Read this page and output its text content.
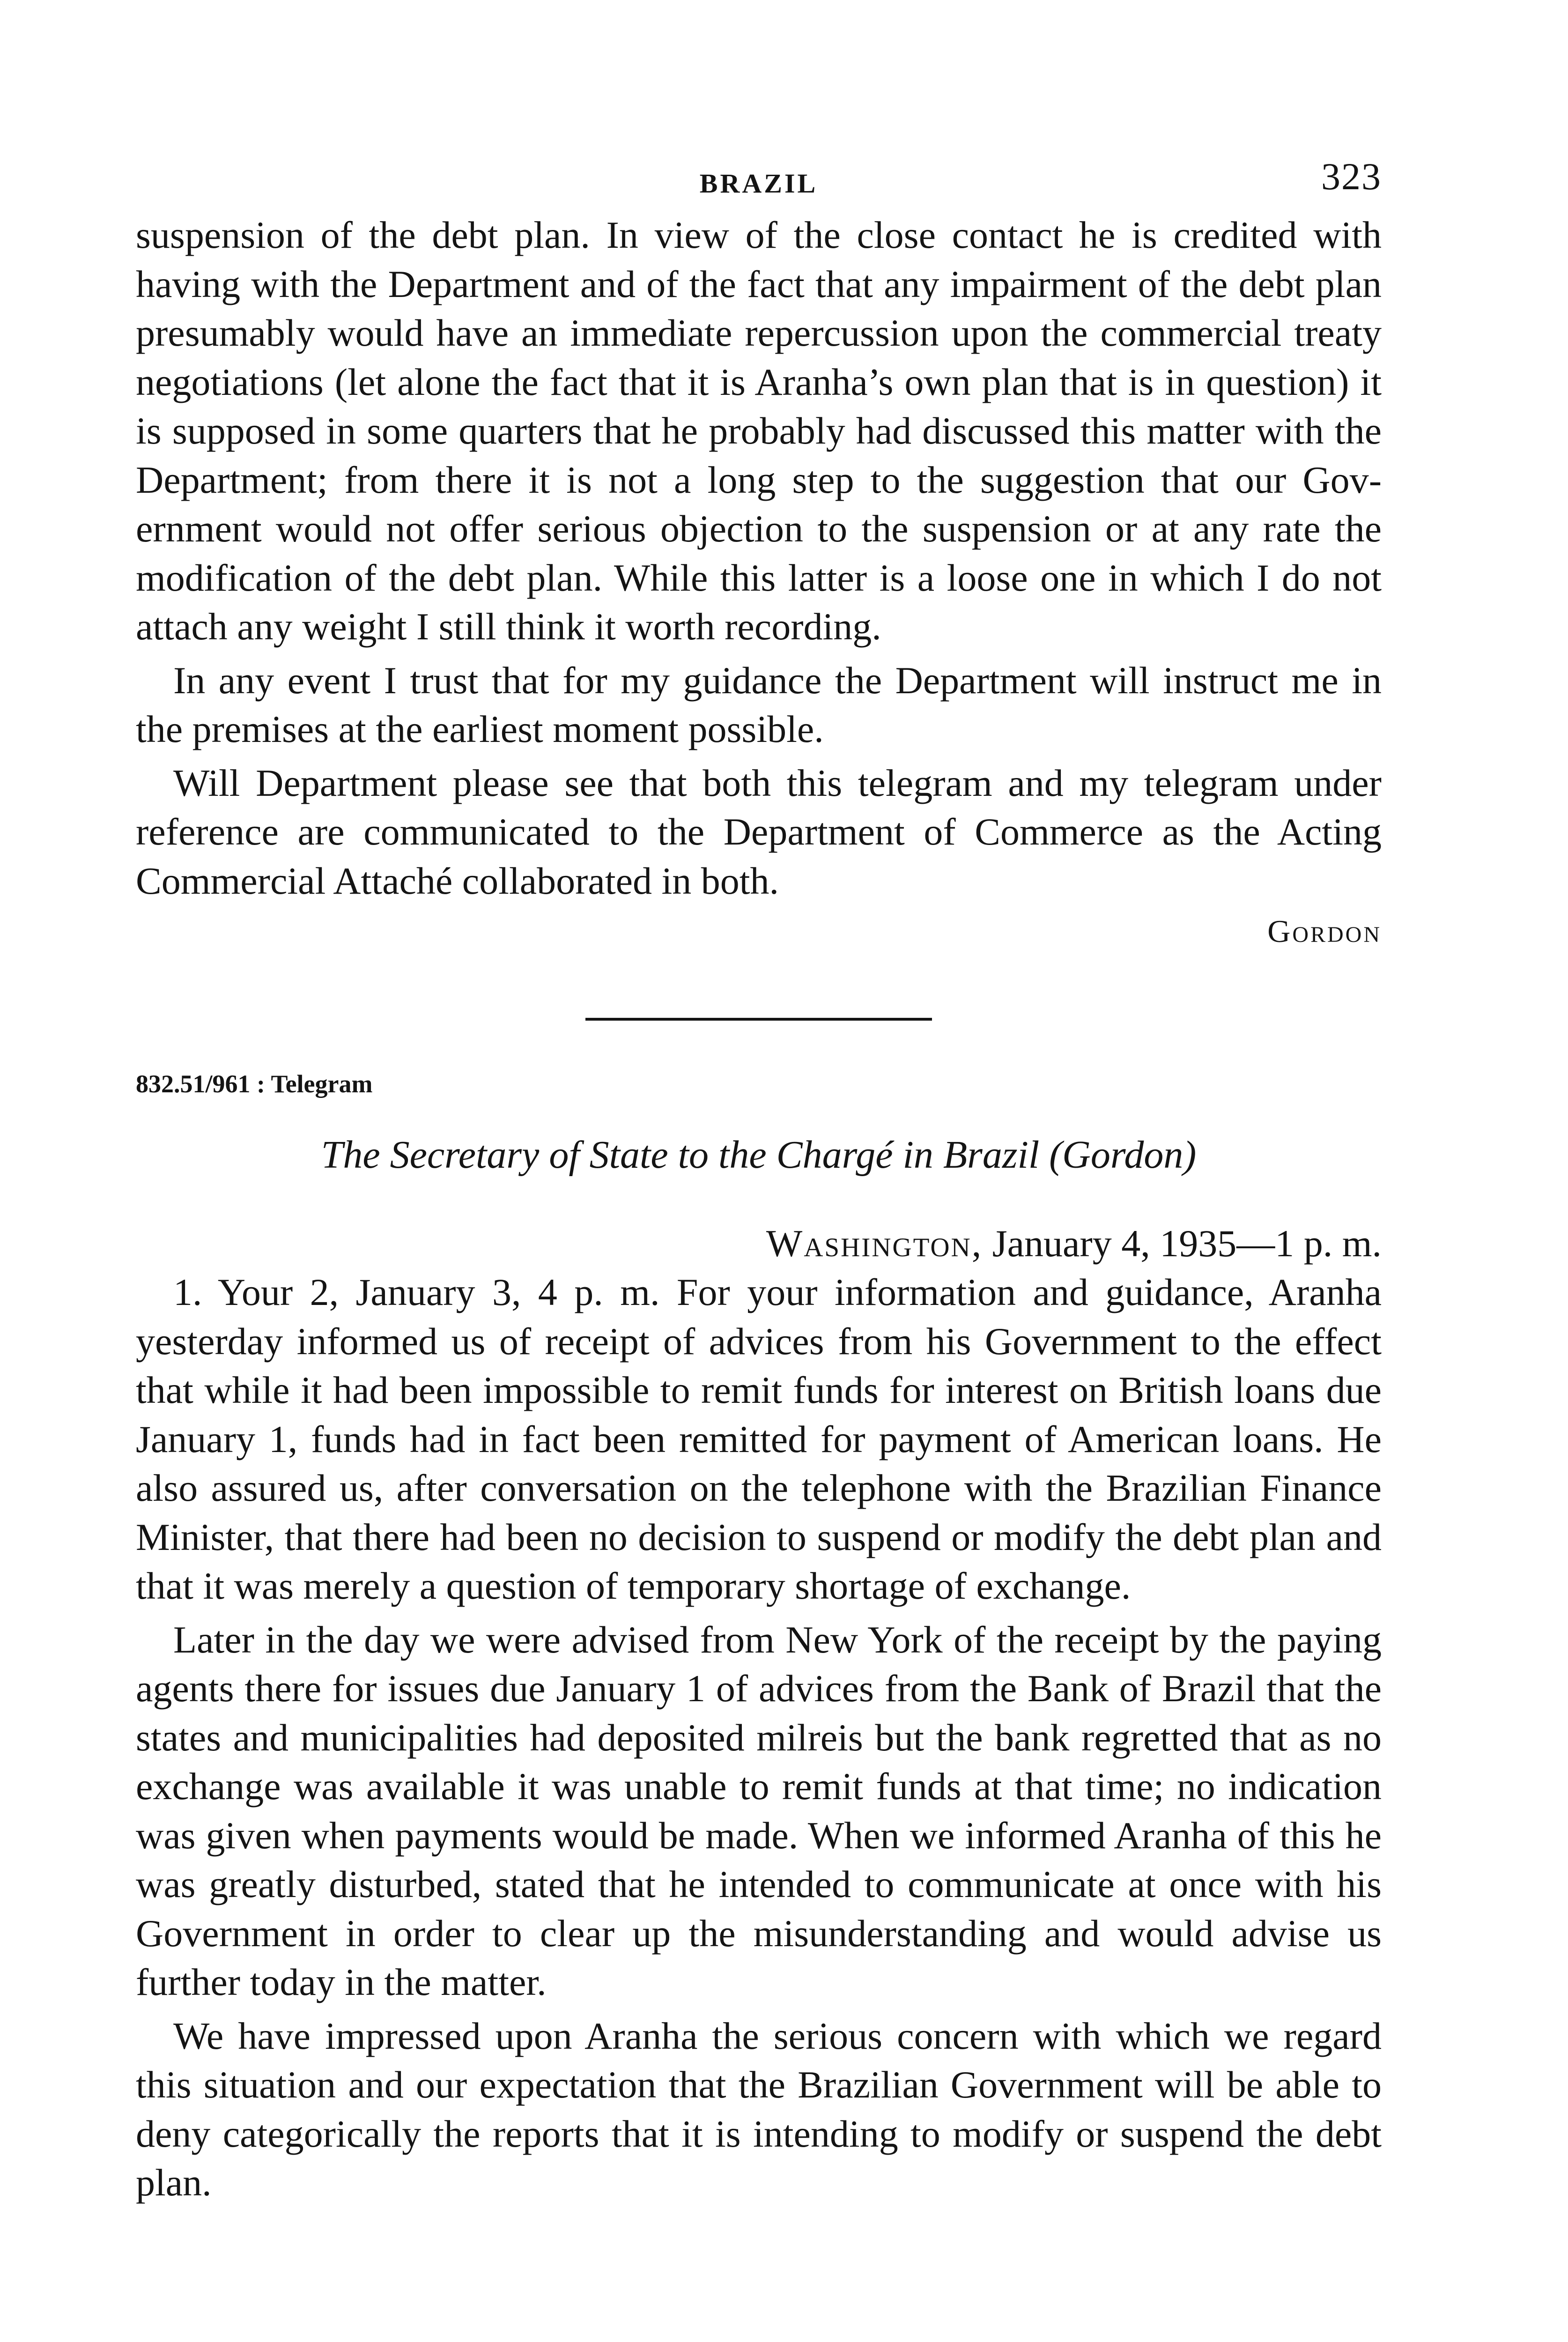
BRAZIL	323

suspension of the debt plan. In view of the close contact he is credited with having with the Department and of the fact that any impairment of the debt plan presumably would have an immediate repercussion upon the commercial treaty negotiations (let alone the fact that it is Aranha’s own plan that is in question) it is supposed in some quarters that he probably had discussed this matter with the Department; from there it is not a long step to the suggestion that our Government would not offer serious objection to the suspension or at any rate the modification of the debt plan. While this latter is a loose one in which I do not attach any weight I still think it worth recording.

In any event I trust that for my guidance the Department will instruct me in the premises at the earliest moment possible.

Will Department please see that both this telegram and my telegram under reference are communicated to the Department of Commerce as the Acting Commercial Attaché collaborated in both.

Gordon
832.51/961 : Telegram
The Secretary of State to the Chargé in Brazil (Gordon)
Washington, January 4, 1935—1 p. m.

1. Your 2, January 3, 4 p. m. For your information and guidance, Aranha yesterday informed us of receipt of advices from his Government to the effect that while it had been impossible to remit funds for interest on British loans due January 1, funds had in fact been remitted for payment of American loans. He also assured us, after conversation on the telephone with the Brazilian Finance Minister, that there had been no decision to suspend or modify the debt plan and that it was merely a question of temporary shortage of exchange.

Later in the day we were advised from New York of the receipt by the paying agents there for issues due January 1 of advices from the Bank of Brazil that the states and municipalities had deposited milreis but the bank regretted that as no exchange was available it was unable to remit funds at that time; no indication was given when payments would be made. When we informed Aranha of this he was greatly disturbed, stated that he intended to communicate at once with his Government in order to clear up the misunderstanding and would advise us further today in the matter.

We have impressed upon Aranha the serious concern with which we regard this situation and our expectation that the Brazilian Government will be able to deny categorically the reports that it is intending to modify or suspend the debt plan.
